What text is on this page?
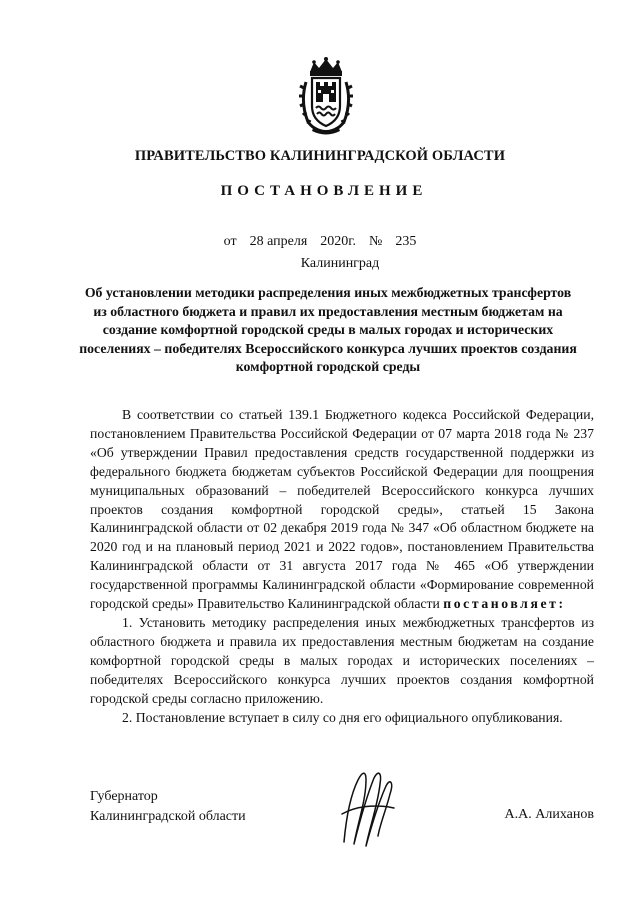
ПРАВИТЕЛЬСТВО КАЛИНИНГРАДСКОЙ ОБЛАСТИ
ПОСТАНОВЛЕНИЕ
от 28 апреля 2020г. № 235
Калининград
Об установлении методики распределения иных межбюджетных трансфертов из областного бюджета и правил их предоставления местным бюджетам на создание комфортной городской среды в малых городах и исторических поселениях – победителях Всероссийского конкурса лучших проектов создания комфортной городской среды

В соответствии со статьей 139.1 Бюджетного кодекса Российской Федерации, постановлением Правительства Российской Федерации от 07 марта 2018 года № 237 «Об утверждении Правил предоставления средств государственной поддержки из федерального бюджета бюджетам субъектов Российской Федерации для поощрения муниципальных образований – победителей Всероссийского конкурса лучших проектов создания комфортной городской среды», статьей 15 Закона Калининградской области от 02 декабря 2019 года № 347 «Об областном бюджете на 2020 год и на плановый период 2021 и 2022 годов», постановлением Правительства Калининградской области от 31 августа 2017 года № 465 «Об утверждении государственной программы Калининградской области «Формирование современной городской среды» Правительство Калининградской области постановляет:

1. Установить методику распределения иных межбюджетных трансфертов из областного бюджета и правила их предоставления местным бюджетам на создание комфортной городской среды в малых городах и исторических поселениях – победителях Всероссийского конкурса лучших проектов создания комфортной городской среды согласно приложению.

2. Постановление вступает в силу со дня его официального опубликования.

Губернатор
Калининградской области	А.А. Алиханов
